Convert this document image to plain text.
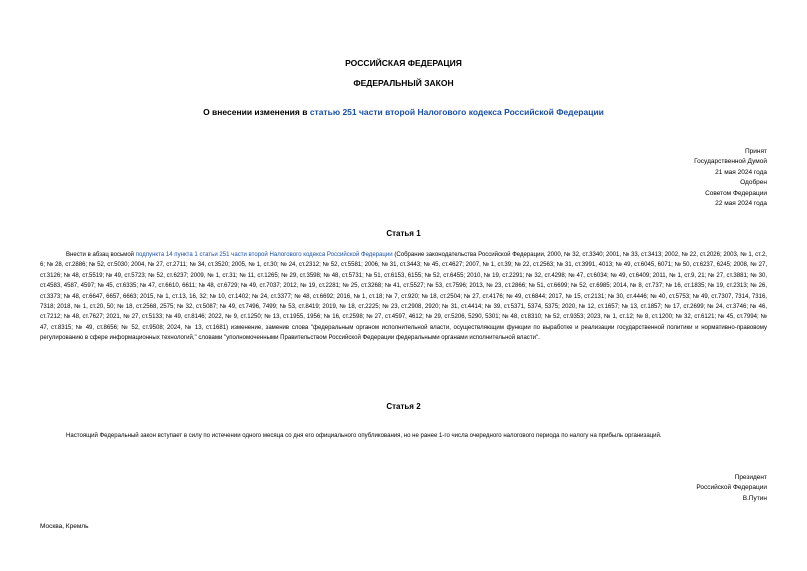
РОССИЙСКАЯ ФЕДЕРАЦИЯ
ФЕДЕРАЛЬНЫЙ ЗАКОН
О внесении изменения в статью 251 части второй Налогового кодекса Российской Федерации
Принят
Государственной Думой
21 мая 2024 года
Одобрен
Советом Федерации
22 мая 2024 года
Статья 1
Внести в абзац восьмой подпункта 14 пункта 1 статьи 251 части второй Налогового кодекса Российской Федерации (Собрание законодательства Российской Федерации, 2000, № 32, ст.3340; 2001, № 33, ст.3413; 2002, № 22, ст.2026; 2003, № 1, ст.2, 6; № 28, ст.2886; № 52, ст.5030; 2004, № 27, ст.2711; № 34, ст.3520; 2005, № 1, ст.30; № 24, ст.2312; № 52, ст.5581; 2006, № 31, ст.3443; № 45, ст.4627; 2007, № 1, ст.39; № 22, ст.2563; № 31, ст.3991, 4013; № 49, ст.6045, 6071; № 50, ст.6237, 6245; 2008, № 27, ст.3126; № 48, ст.5519; № 49, ст.5723; № 52, ст.6237; 2009, № 1, ст.31; № 11, ст.1265; № 29, ст.3598; № 48, ст.5731; № 51, ст.6153, 6155; № 52, ст.6455; 2010, № 19, ст.2291; № 32, ст.4298; № 47, ст.6034; № 49, ст.6409; 2011, № 1, ст.9, 21; № 27, ст.3881; № 30, ст.4583, 4587, 4597; № 45, ст.6335; № 47, ст.6610, 6611; № 48, ст.6729; № 49, ст.7037; 2012, № 19, ст.2281; № 25, ст.3268; № 41, ст.5527; № 53, ст.7596; 2013, № 23, ст.2866; № 51, ст.6699; № 52, ст.6985; 2014, № 8, ст.737; № 16, ст.1835; № 19, ст.2313; № 26, ст.3373; № 48, ст.6647, 6657, 6663; 2015, № 1, ст.13, 16, 32; № 10, ст.1402; № 24, ст.3377; № 48, ст.6692; 2016, № 1, ст.18; № 7, ст.920; № 18, ст.2504; № 27, ст.4176; № 49, ст.6844; 2017, № 15, ст.2131; № 30, ст.4446; № 40, ст.5753; № 49, ст.7307, 7314, 7316, 7318; 2018, № 1, ст.20, 50; № 18, ст.2568, 2575; № 32, ст.5087; № 49, ст.7496, 7499; № 53, ст.8419; 2019, № 18, ст.2225; № 23, ст.2908, 2920; № 31, ст.4414; № 39, ст.5371, 5374, 5375; 2020, № 12, ст.1657; № 13, ст.1857; № 17, ст.2699; № 24, ст.3746; № 46, ст.7212; № 48, ст.7627; 2021, № 27, ст.5133; № 49, ст.8146; 2022, № 9, ст.1250; № 13, ст.1955, 1956; № 16, ст.2598; № 27, ст.4597, 4612; № 29, ст.5206, 5290, 5301; № 48, ст.8310; № 52, ст.9353; 2023, № 1, ст.12; № 8, ст.1200; № 32, ст.6121; № 45, ст.7994; № 47, ст.8315; № 49, ст.8656; № 52, ст.9508; 2024, № 13, ст.1681) изменение, заменив слова "федеральным органом исполнительной власти, осуществляющим функции по выработке и реализации государственной политики и нормативно-правовому регулированию в сфере информационных технологий," словами "уполномоченными Правительством Российской Федерации федеральными органами исполнительной власти".
Статья 2
Настоящий Федеральный закон вступает в силу по истечении одного месяца со дня его официального опубликования, но не ранее 1-го числа очередного налогового периода по налогу на прибыль организаций.
Президент
Российской Федерации
В.Путин
Москва, Кремль
